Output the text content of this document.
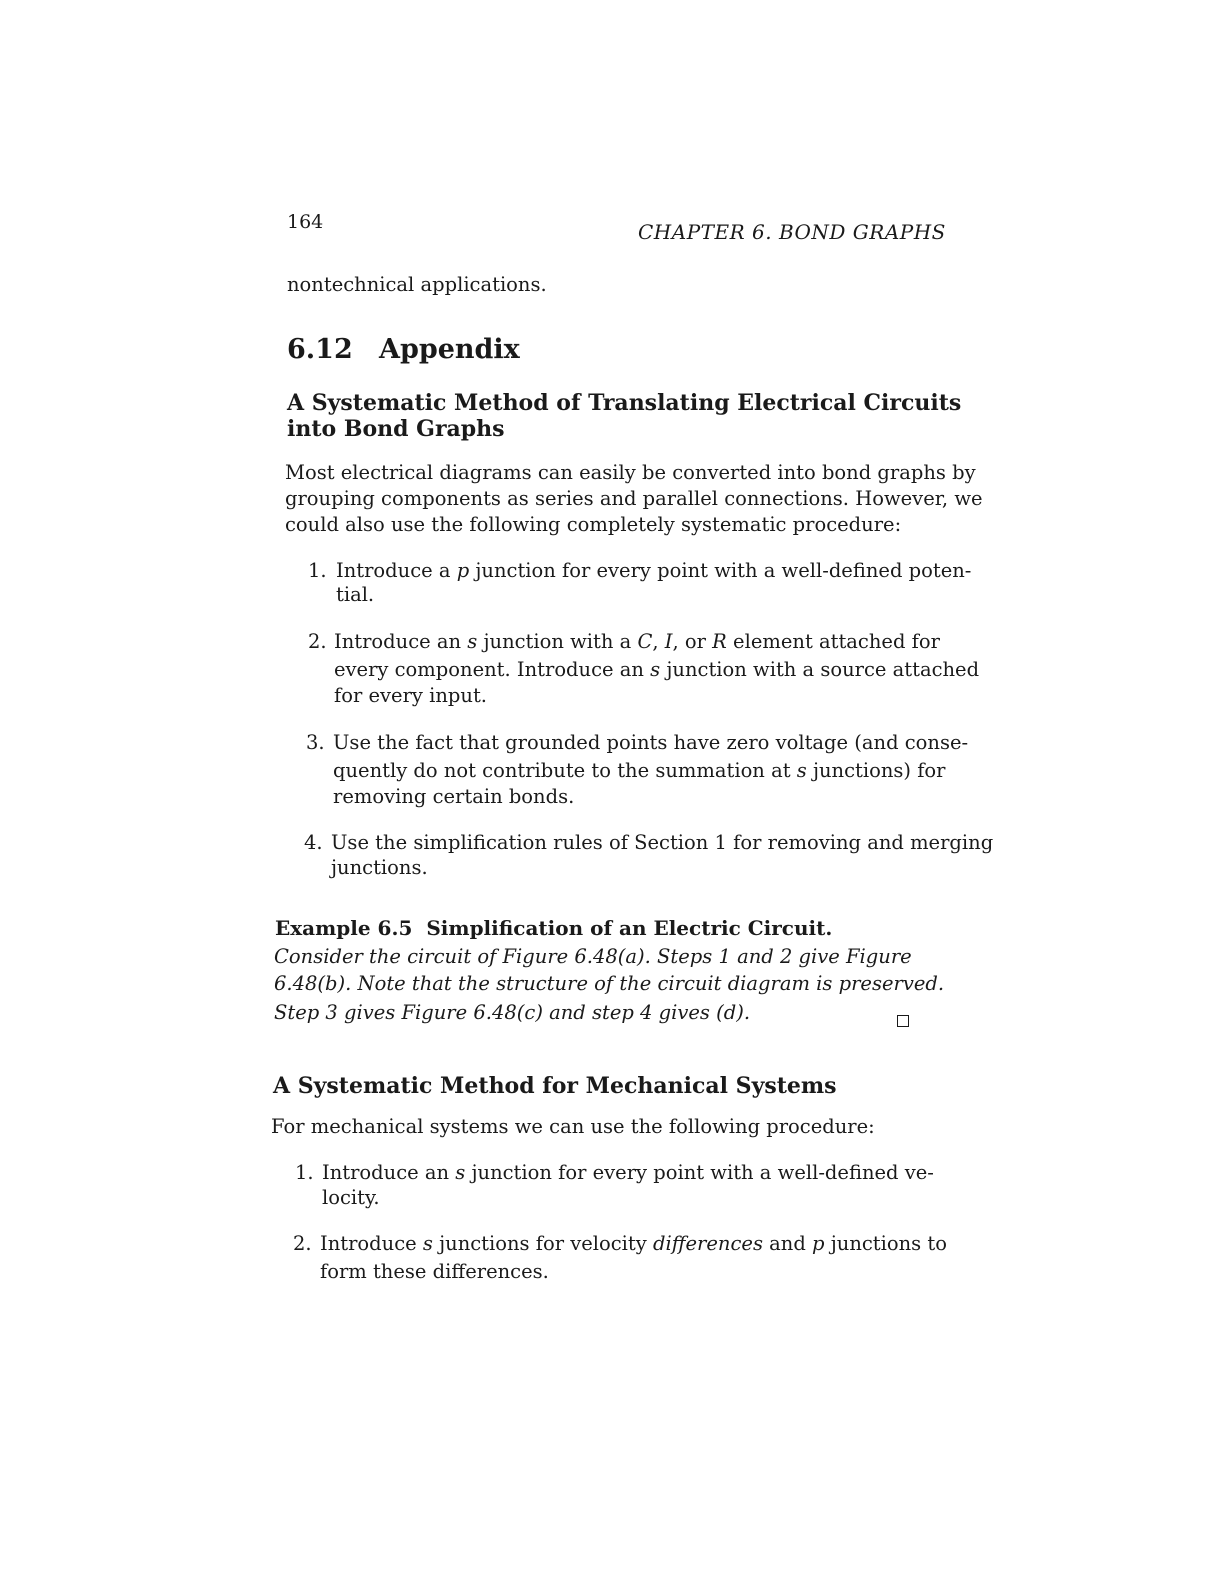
164	CHAPTER 6. BOND GRAPHS
nontechnical applications.
6.12 Appendix
A Systematic Method of Translating Electrical Circuits
into Bond Graphs
Most electrical diagrams can easily be converted into bond graphs by
grouping components as series and parallel connections. However, we
could also use the following completely systematic procedure:
1. Introduce a p junction for every point with a well-defined poten-
tial.
2. Introduce an s junction with a C, I, or R element attached for
every component. Introduce an s junction with a source attached
for every input.
3. Use the fact that grounded points have zero voltage (and conse-
quently do not contribute to the summation at s junctions) for
removing certain bonds.
4. Use the simplification rules of Section 1 for removing and merging
junctions.
Example 6.5 Simplification of an Electric Circuit.
Consider the circuit of Figure 6.48(a). Steps 1 and 2 give Figure
6.48(b). Note that the structure of the circuit diagram is preserved.
Step 3 gives Figure 6.48(c) and step 4 gives (d).
A Systematic Method for Mechanical Systems
For mechanical systems we can use the following procedure:
1. Introduce an s junction for every point with a well-defined ve-
locity.
2. Introduce s junctions for velocity differences and p junctions to
form these differences.
